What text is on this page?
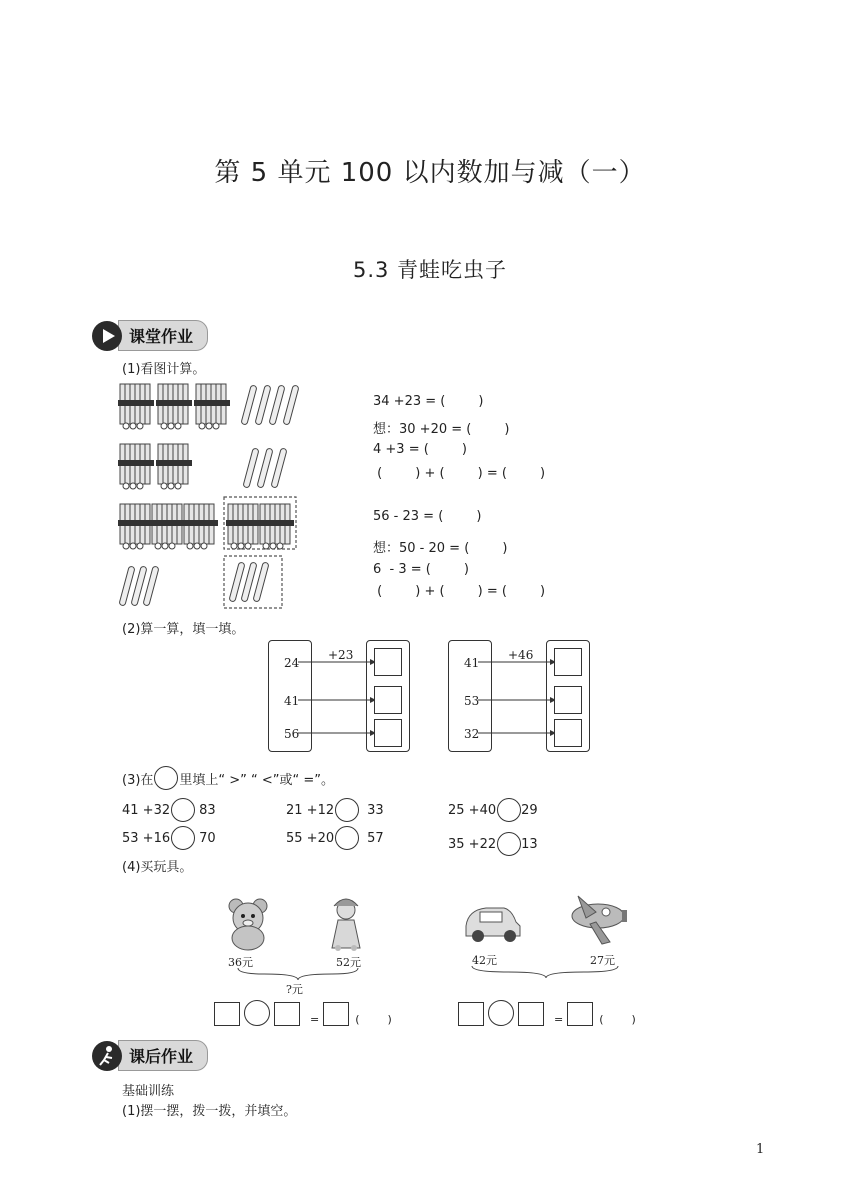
第 5 单元 100 以内数加与减（一）
5.3 青蛙吃虫子
课堂作业
(1)看图计算。
34 +23 = (        )
想：30 +20 = (        )
4 +3 = (        )
(        ) + (        ) = (        )
56 - 23 = (        )
想：50 - 20 = (        )
6  - 3 = (        )
(        ) + (        ) = (        )
(2)算一算，填一填。
24
41
56
+23
41
53
32
+46
(3)在 里填上“ >” “ <”或“ =”。
41 +32 83	21 +12	33	25 +40 29
53 +16 70	55 +20	57	35 +22 13
(4)买玩具。
36元	52元
?元
=	(        )
42元	27元
=	(        )
课后作业
基础训练
(1)摆一摆，拨一拨，并填空。
1
